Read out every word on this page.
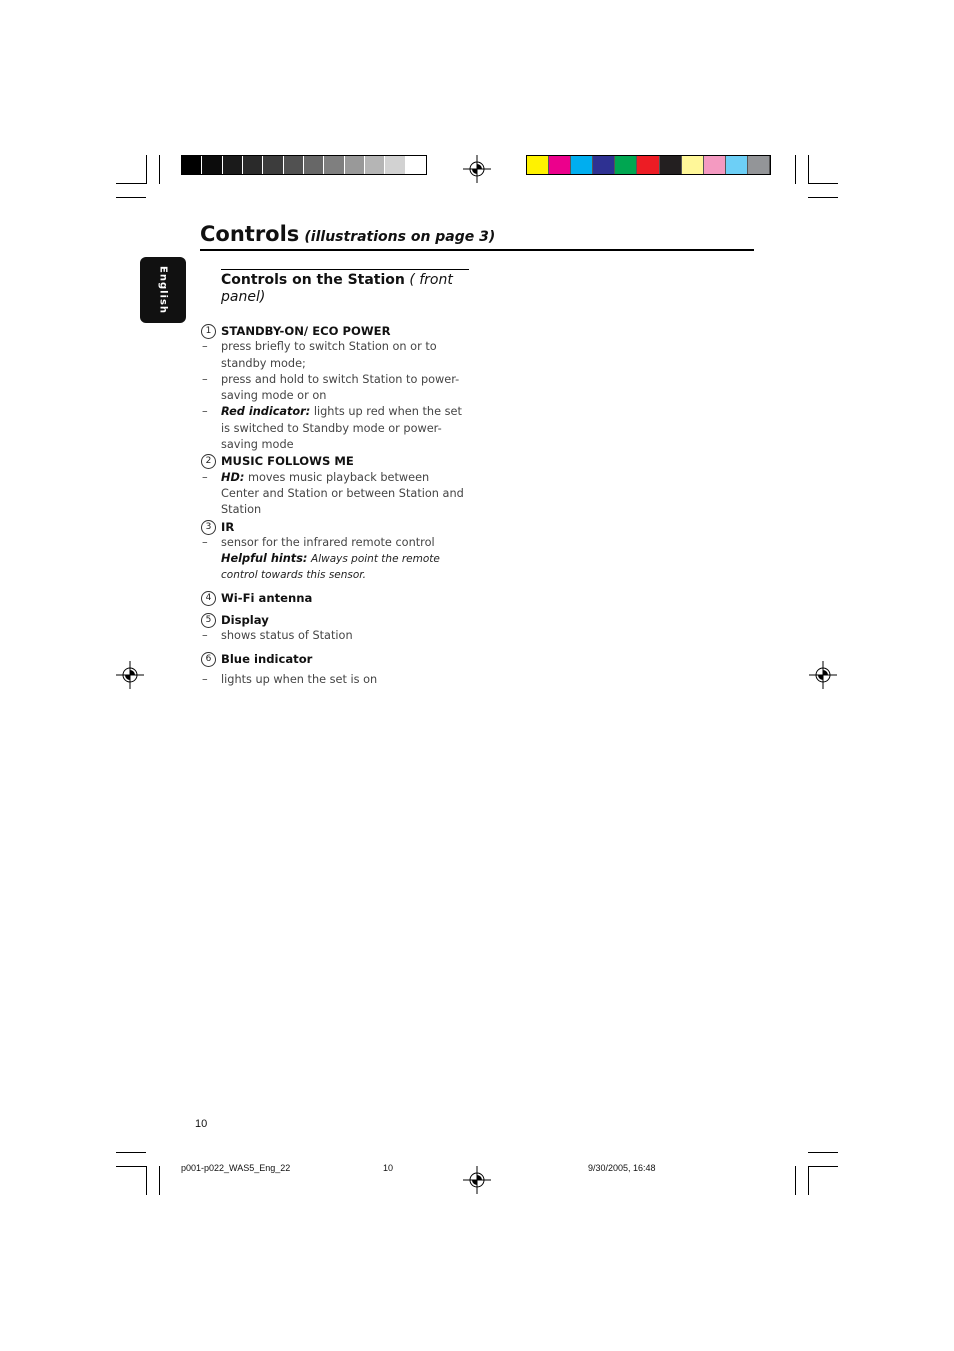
English
Controls (illustrations on page 3)
Controls on the Station ( front panel)
1 STANDBY-ON/ ECO POWER
– press briefly to switch Station on or to standby mode;
– press and hold to switch Station to power-saving mode or on
– Red indicator: lights up red when the set is switched to Standby mode or power-saving mode
2 MUSIC FOLLOWS ME
– HD: moves music playback between Center and Station or between Station and Station
3 IR
– sensor for the infrared remote control
Helpful hints: Always point the remote control towards this sensor.
4 Wi-Fi antenna
5 Display
– shows status of Station
6 Blue indicator
– lights up when the set is on
10
p001-p022_WAS5_Eng_22	10	9/30/2005, 16:48
